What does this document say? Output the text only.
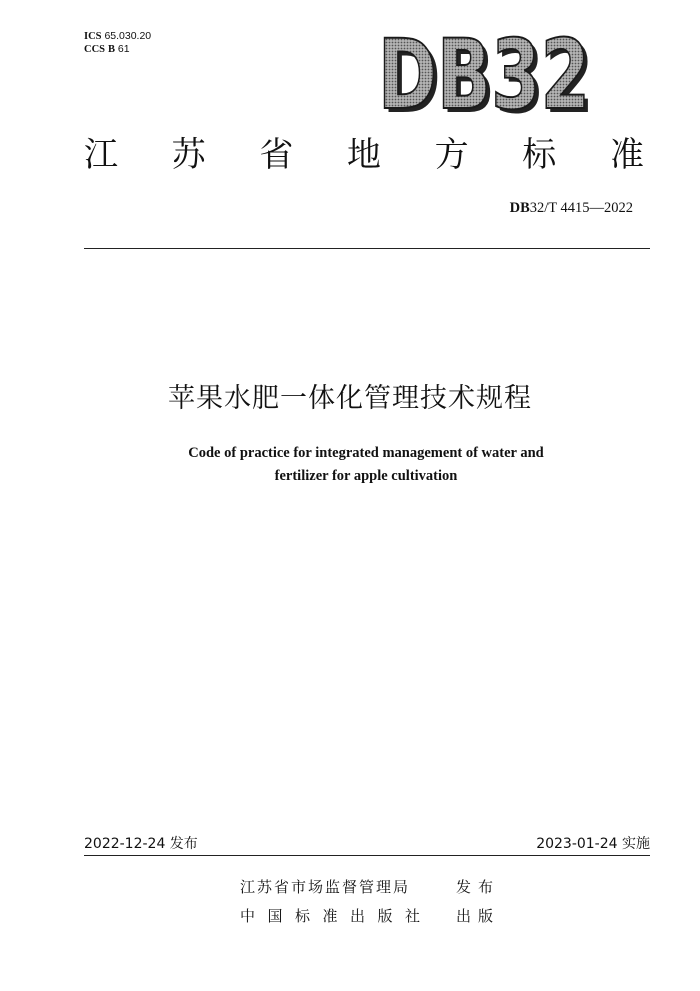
ICS 65.030.20
CCS B 61	DB32
DB32
江 苏 省 地 方 标 准
DB32/T 4415—2022
苹果水肥一体化管理技术规程
Code of practice for integrated management of water and
fertilizer for apple cultivation
2022-12-24 发布	2023-01-24 实施
江苏省市场监督管理局	发布
中国标准出版社 出版
